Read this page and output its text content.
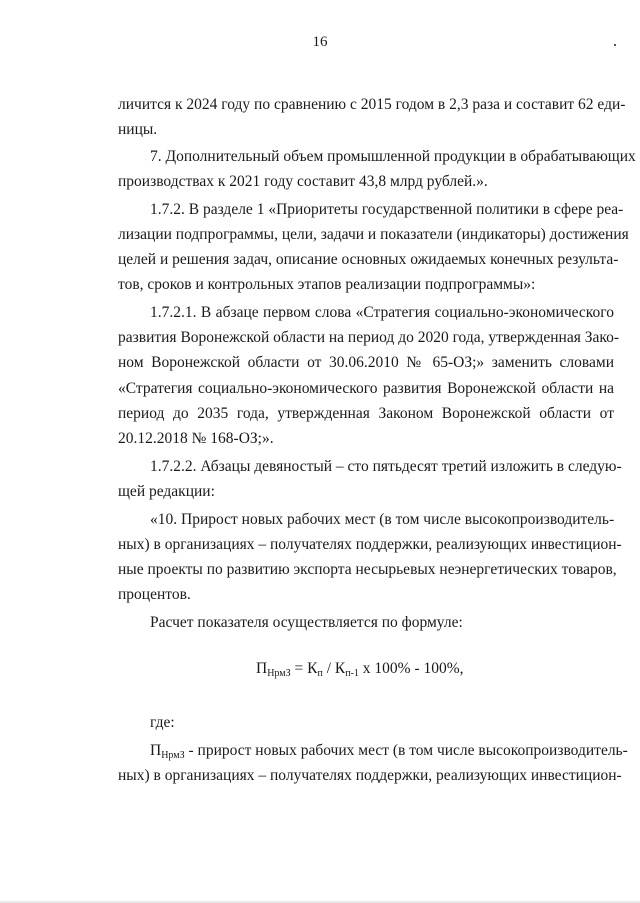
16
личится к 2024 году по сравнению с 2015 годом в 2,3 раза и составит 62 еди-
ницы.
7. Дополнительный объем промышленной продукции в обрабатывающих
производствах к 2021 году составит 43,8 млрд рублей.».
1.7.2. В разделе 1 «Приоритеты государственной политики в сфере реа-
лизации подпрограммы, цели, задачи и показатели (индикаторы) достижения
целей и решения задач, описание основных ожидаемых конечных результа-
тов, сроков и контрольных этапов реализации подпрограммы»:
1.7.2.1. В абзаце первом слова «Стратегия социально-экономического
развития Воронежской области на период до 2020 года, утвержденная Зако-
ном Воронежской области от 30.06.2010 № 65-ОЗ;» заменить словами
«Стратегия социально-экономического развития Воронежской области на
период до 2035 года, утвержденная Законом Воронежской области от
20.12.2018 № 168-ОЗ;».
1.7.2.2. Абзацы девяностый – сто пятьдесят третий изложить в следую-
щей редакции:
«10. Прирост новых рабочих мест (в том числе высокопроизводитель-
ных) в организациях – получателях поддержки, реализующих инвестицион-
ные проекты по развитию экспорта несырьевых неэнергетических товаров,
процентов.
Расчет показателя осуществляется по формуле:
$П_{НрмЗ} = К_п / К_{п-1}$ х 100% - 100%,
где:
$П_{НрмЗ}$ - прирост новых рабочих мест (в том числе высокопроизводитель-
ных) в организациях – получателях поддержки, реализующих инвестицион-
